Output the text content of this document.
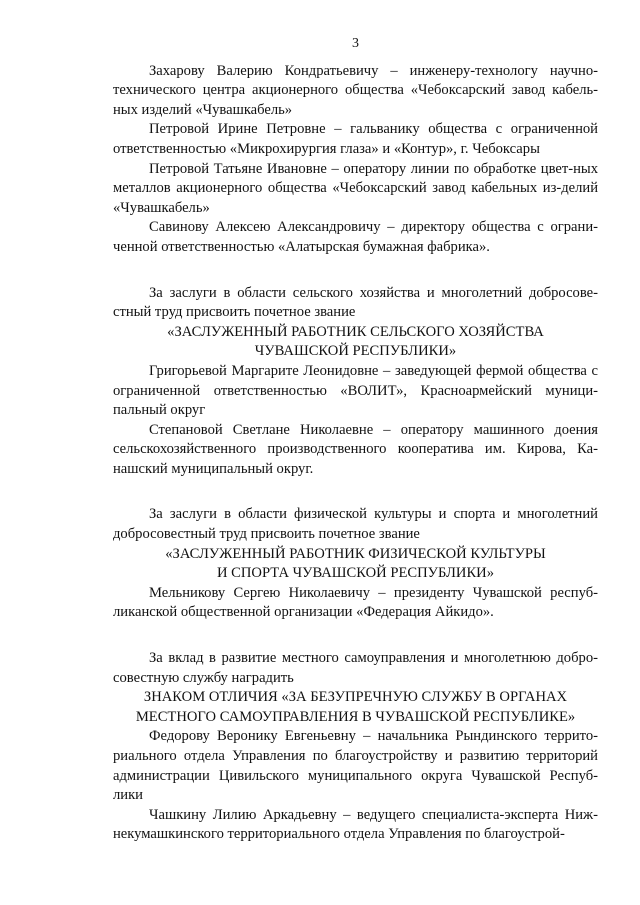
3

Захарову Валерию Кондратьевичу – инженеру-технологу научно-технического центра акционерного общества «Чебоксарский завод кабель-ных изделий «Чувашкабель»

Петровой Ирине Петровне – гальванику общества с ограниченной ответственностью «Микрохирургия глаза» и «Контур», г. Чебоксары

Петровой Татьяне Ивановне – оператору линии по обработке цвет-ных металлов акционерного общества «Чебоксарский завод кабельных из-делий «Чувашкабель»

Савинову Алексею Александровичу – директору общества с ограни-ченной ответственностью «Алатырская бумажная фабрика».

За заслуги в области сельского хозяйства и многолетний добросове-стный труд присвоить почетное звание

«ЗАСЛУЖЕННЫЙ РАБОТНИК СЕЛЬСКОГО ХОЗЯЙСТВА
ЧУВАШСКОЙ РЕСПУБЛИКИ»

Григорьевой Маргарите Леонидовне – заведующей фермой общества с ограниченной ответственностью «ВОЛИТ», Красноармейский муници-пальный округ

Степановой Светлане Николаевне – оператору машинного доения сельскохозяйственного производственного кооператива им. Кирова, Ка-нашский муниципальный округ.

За заслуги в области физической культуры и спорта и многолетний добросовестный труд присвоить почетное звание

«ЗАСЛУЖЕННЫЙ РАБОТНИК ФИЗИЧЕСКОЙ КУЛЬТУРЫ
И СПОРТА ЧУВАШСКОЙ РЕСПУБЛИКИ»

Мельникову Сергею Николаевичу – президенту Чувашской респуб-ликанской общественной организации «Федерация Айкидо».

За вклад в развитие местного самоуправления и многолетнюю добро-совестную службу наградить

ЗНАКОМ ОТЛИЧИЯ «ЗА БЕЗУПРЕЧНУЮ СЛУЖБУ В ОРГАНАХ
МЕСТНОГО САМОУПРАВЛЕНИЯ В ЧУВАШСКОЙ РЕСПУБЛИКЕ»

Федорову Веронику Евгеньевну – начальника Рындинского террито-риального отдела Управления по благоустройству и развитию территорий администрации Цивильского муниципального округа Чувашской Респуб-лики

Чашкину Лилию Аркадьевну – ведущего специалиста-эксперта Ниж-некумашкинского территориального отдела Управления по благоустрой-
